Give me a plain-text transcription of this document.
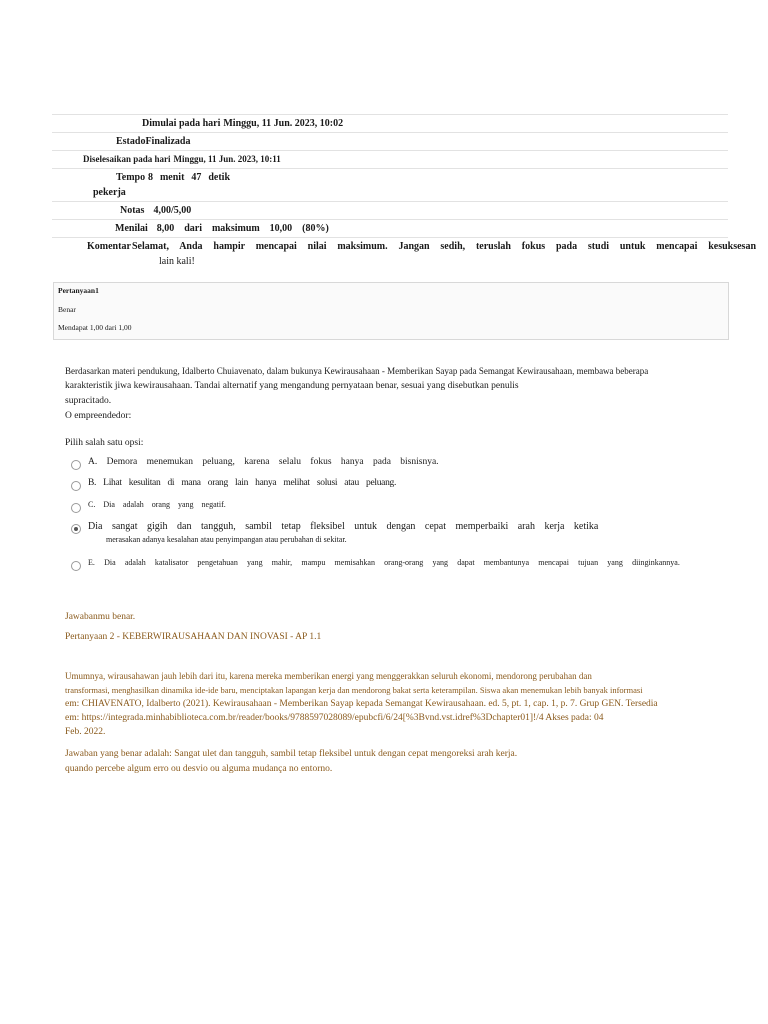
Dimulai pada hari Minggu, 11 Jun. 2023, 10:02
Estado Finalizada
Diselesaikan pada hari Minggu, 11 Jun. 2023, 10:11
Tempo 8 menit 47 detik
pekerja
Notas 4,00/5,00
Menilai 8,00 dari maksimum 10,00 (80%)
Komentar Selamat, Anda hampir mencapai nilai maksimum. Jangan sedih, teruslah fokus pada studi untuk mencapai kesuksesan
lain kali!
Pertanyaan1
Benar
Mendapat 1,00 dari 1,00
Berdasarkan materi pendukung, Idalberto Chuiavenato, dalam bukunya Kewirausahaan - Memberikan Sayap pada Semangat Kewirausahaan, membawa beberapa
karakteristik jiwa kewirausahaan. Tandai alternatif yang mengandung pernyataan benar, sesuai yang disebutkan penulis
supracitado.
O empreendedor:
Pilih salah satu opsi:
A. Demora menemukan peluang, karena selalu fokus hanya pada bisnisnya.
B. Lihat kesulitan di mana orang lain hanya melihat solusi atau peluang.
C. Dia adalah orang yang negatif.
Dia sangat gigih dan tangguh, sambil tetap fleksibel untuk dengan cepat memperbaiki arah kerja ketika
merasakan adanya kesalahan atau penyimpangan atau perubahan di sekitar.
E. Dia adalah katalisator pengetahuan yang mahir, mampu memisahkan orang-orang yang dapat membantunya mencapai tujuan yang diinginkannya.
Jawabanmu benar.
Pertanyaan 2 - KEBERWIRAUSAHAAN DAN INOVASI - AP 1.1
Umumnya, wirausahawan jauh lebih dari itu, karena mereka memberikan energi yang menggerakkan seluruh ekonomi, mendorong perubahan dan
transformasi, menghasilkan dinamika ide-ide baru, menciptakan lapangan kerja dan mendorong bakat serta keterampilan. Siswa akan menemukan lebih banyak informasi
em: CHIAVENATO, Idalberto (2021). Kewirausahaan - Memberikan Sayap kepada Semangat Kewirausahaan. ed. 5, pt. 1, cap. 1, p. 7. Grup GEN. Tersedia
em: https://integrada.minhabiblioteca.com.br/reader/books/9788597028089/epubcfi/6/24[%3Bvnd.vst.idref%3Dchapter01]!/4 Akses pada: 04
Feb. 2022.
Jawaban yang benar adalah: Sangat ulet dan tangguh, sambil tetap fleksibel untuk dengan cepat mengoreksi arah kerja.
quando percebe algum erro ou desvio ou alguma mudança no entorno.
